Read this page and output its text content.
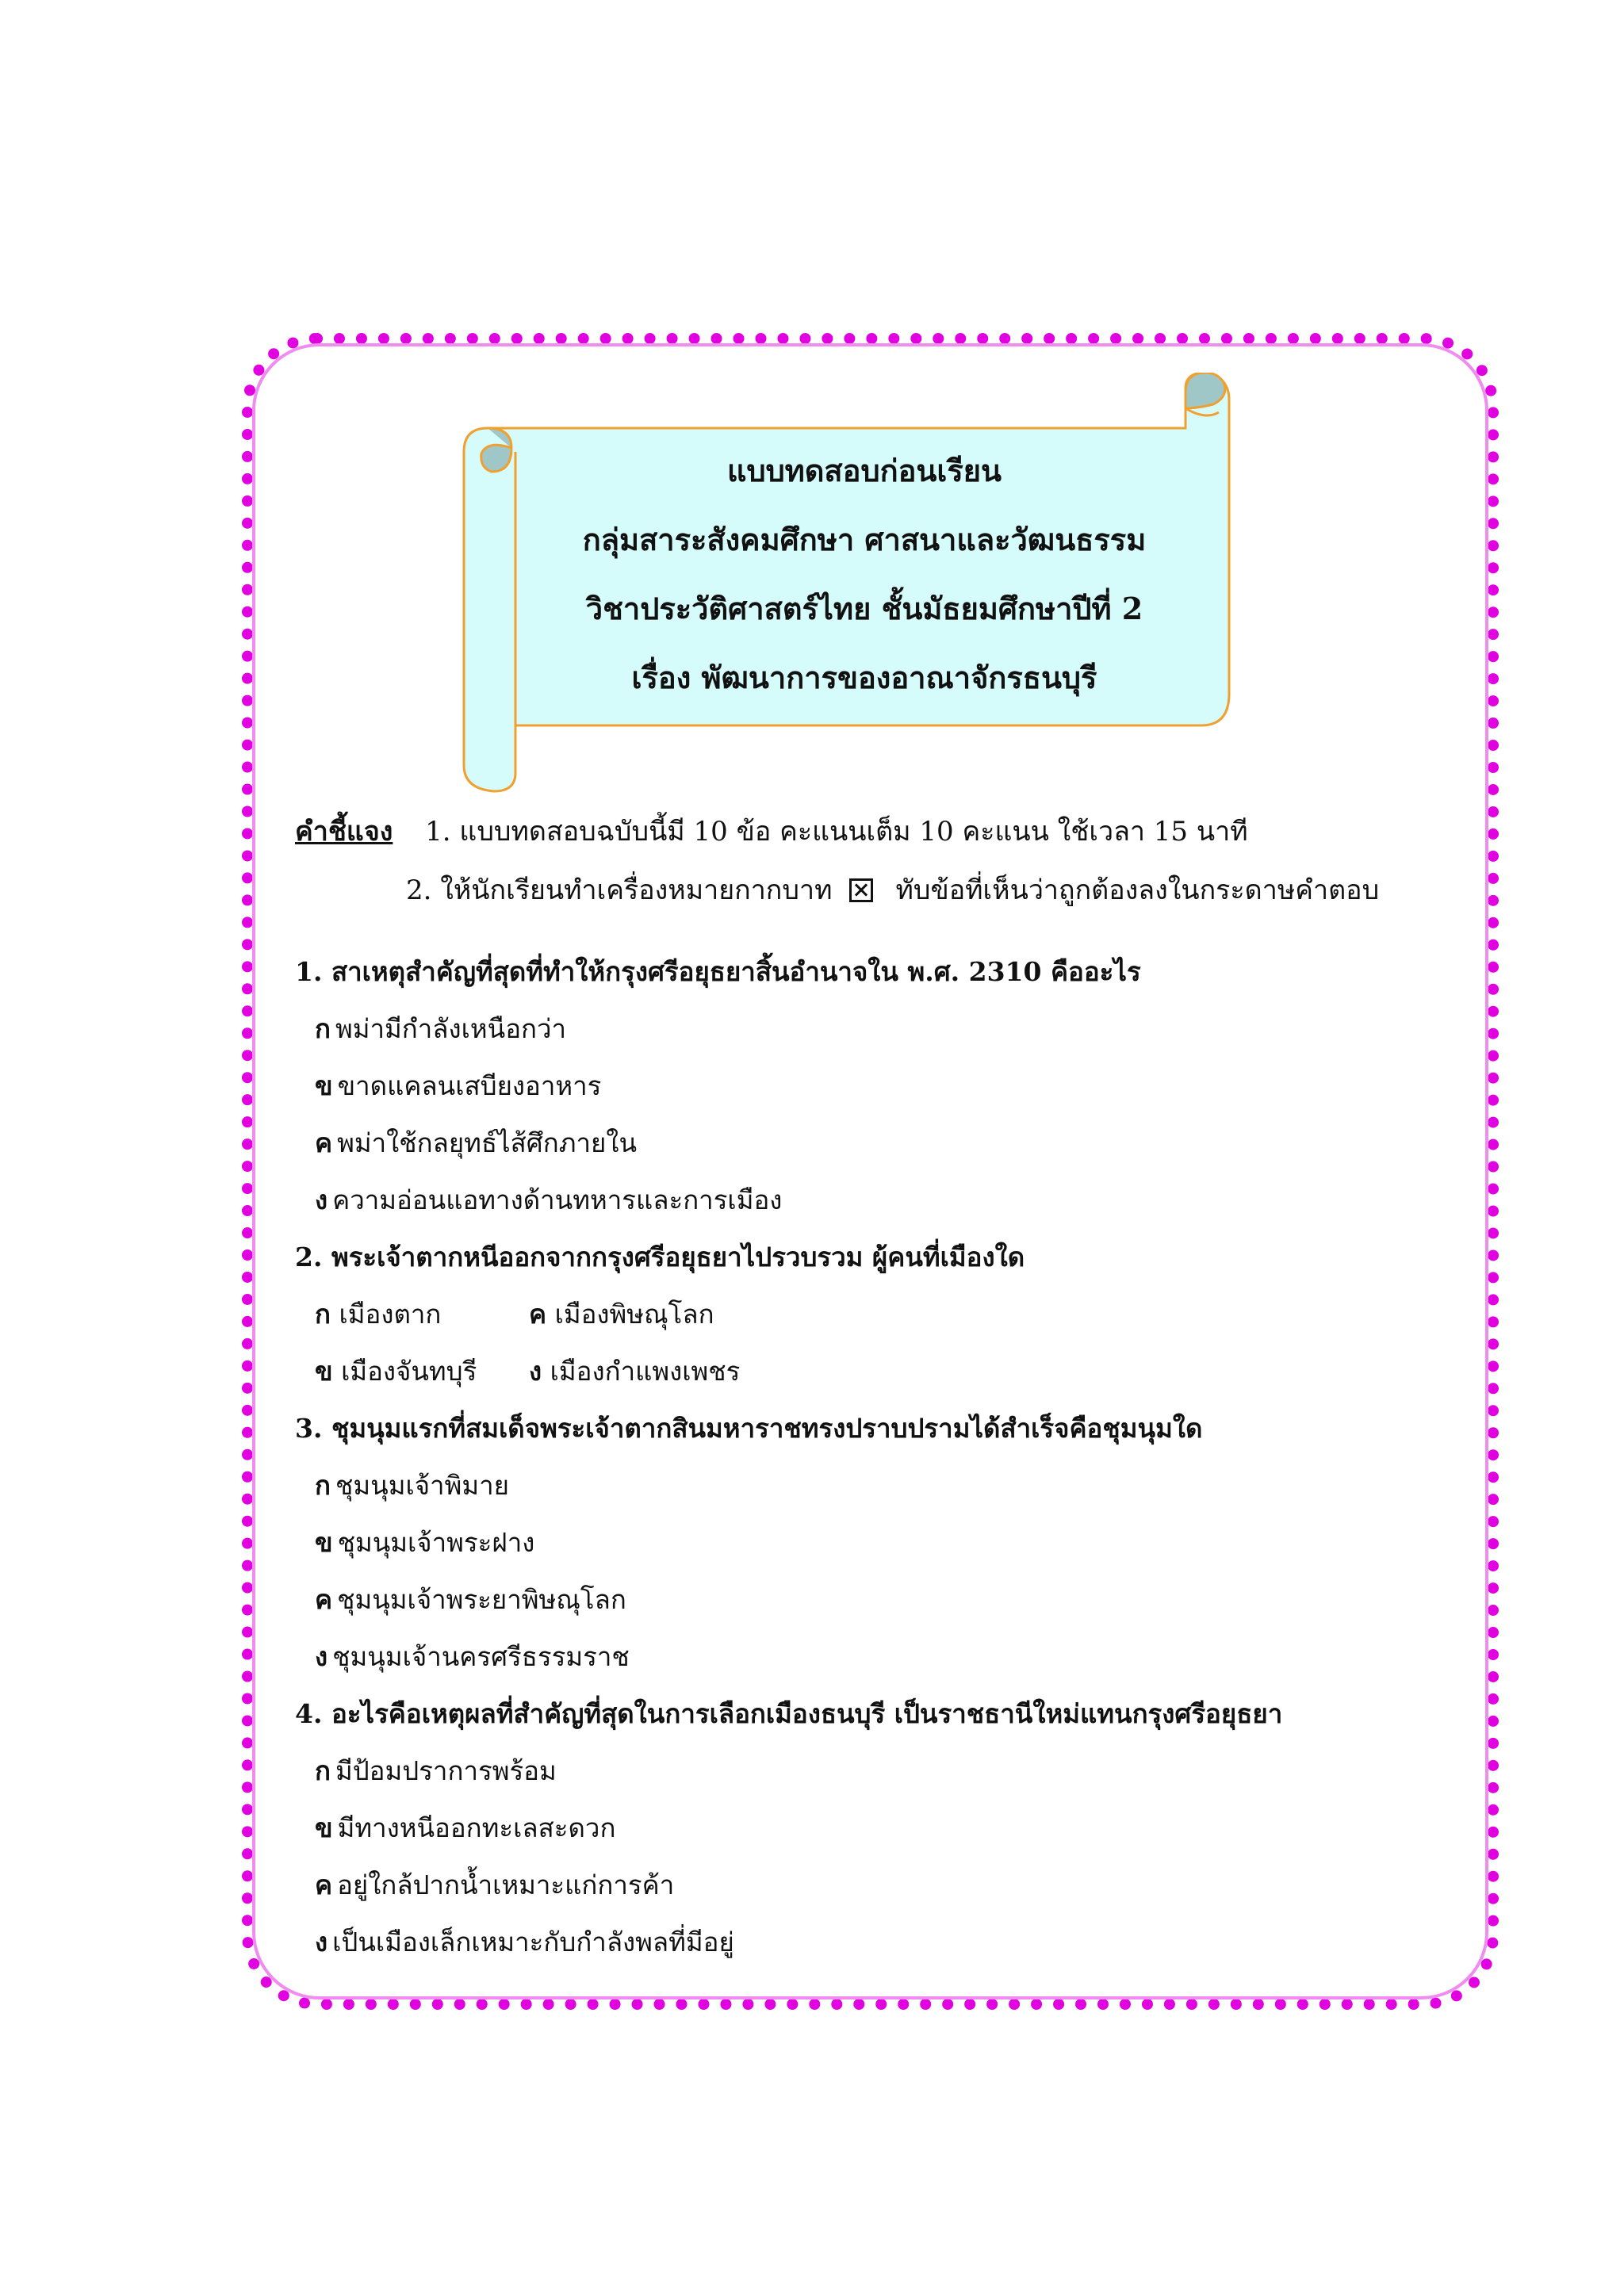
แบบทดสอบก่อนเรียน
กลุ่มสาระสังคมศึกษา ศาสนาและวัฒนธรรม
วิชาประวัติศาสตร์ไทย ชั้นมัธยมศึกษาปีที่ 2
เรื่อง พัฒนาการของอาณาจักรธนบุรี
คำชี้แจง 1. แบบทดสอบฉบับนี้มี 10 ข้อ คะแนนเต็ม 10 คะแนน ใช้เวลา 15 นาที
2. ให้นักเรียนทำเครื่องหมายกากบาท ทับข้อที่เห็นว่าถูกต้องลงในกระดาษคำตอบ
1. สาเหตุสำคัญที่สุดที่ทำให้กรุงศรีอยุธยาสิ้นอำนาจใน พ.ศ. 2310 คืออะไร
ก พม่ามีกำลังเหนือกว่า
ข ขาดแคลนเสบียงอาหาร
ค พม่าใช้กลยุทธ์ไส้ศึกภายใน
ง ความอ่อนแอทางด้านทหารและการเมือง
2. พระเจ้าตากหนีออกจากกรุงศรีอยุธยาไปรวบรวม ผู้คนที่เมืองใด
ก เมืองตาก	ค เมืองพิษณุโลก
ข เมืองจันทบุรี	ง เมืองกำแพงเพชร
3. ชุมนุมแรกที่สมเด็จพระเจ้าตากสินมหาราชทรงปราบปรามได้สำเร็จคือชุมนุมใด
ก ชุมนุมเจ้าพิมาย
ข ชุมนุมเจ้าพระฝาง
ค ชุมนุมเจ้าพระยาพิษณุโลก
ง ชุมนุมเจ้านครศรีธรรมราช
4. อะไรคือเหตุผลที่สำคัญที่สุดในการเลือกเมืองธนบุรี เป็นราชธานีใหม่แทนกรุงศรีอยุธยา
ก มีป้อมปราการพร้อม
ข มีทางหนีออกทะเลสะดวก
ค อยู่ใกล้ปากน้ำเหมาะแก่การค้า
ง เป็นเมืองเล็กเหมาะกับกำลังพลที่มีอยู่
